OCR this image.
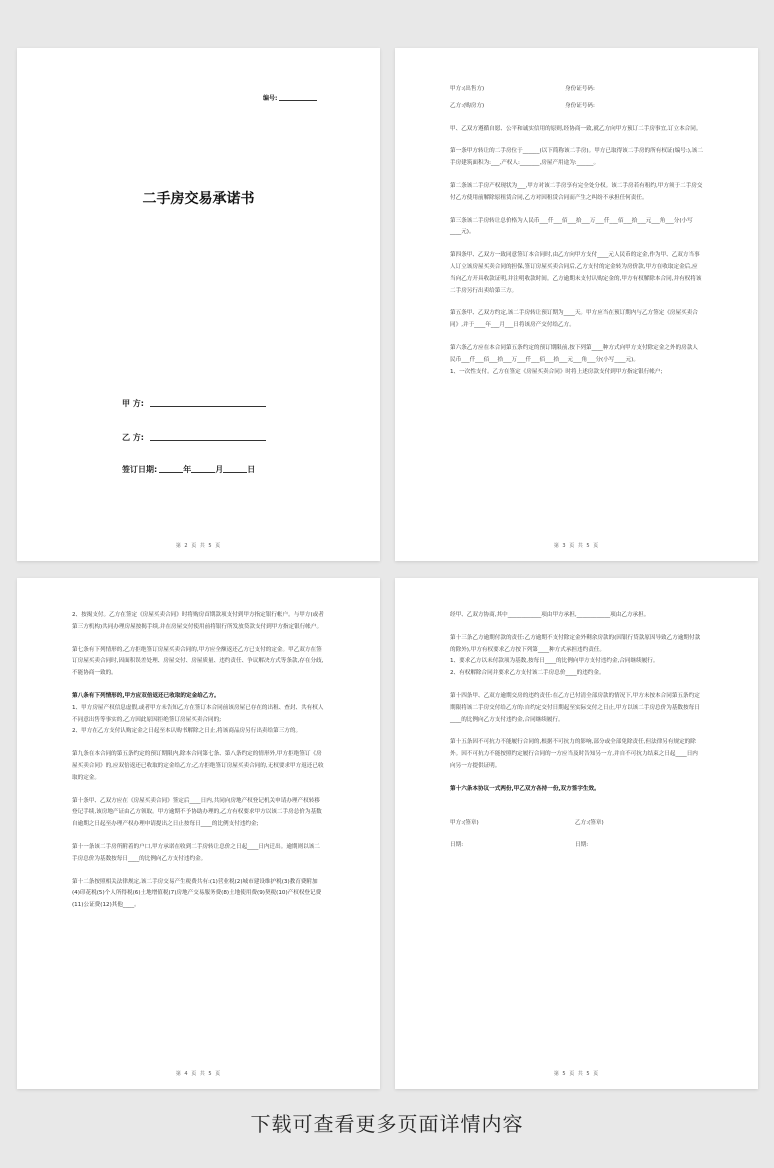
编号:
二手房交易承诺书
甲 方:
乙 方:
签订日期:	年	月	日
第 2 页 共 5 页
甲方:(出售方)	身份证号码:
乙方:(购房方)	身份证号码:

甲、乙双方遵循自愿、公平和诚实信用的原则,经协商一致,就乙方向甲方预订二手房事宜,订立本合同。

第一条甲方转让的二手房位于______(以下简称该二手房)。甲方已取得该二手房的所有权证(编号:),该二手房建筑面积为:___,产权人:_______,房屋产用途为:______。

第二条该二手房产权现状为___,甲方对该二手房享有完全处分权。该二手房若有租约,甲方须于二手房交付乙方使用前解除原租赁合同,乙方对因租赁合同而产生之纠纷不承担任何责任。

第三条该二手房转让总价格为人民币___仟___佰___拾___万___仟___佰___拾___元___角___分(小写____元)。

第四条甲、乙双方一致同意签订本合同时,由乙方向甲方支付____元人民币的定金,作为甲、乙双方当事人订立该房屋买卖合同的担保,签订房屋买卖合同后,乙方支付的定金转为房价款,甲方在收取定金后,应当向乙方开具收款证明,并注明收款时间。乙方逾期未支付认购定金的,甲方有权解除本合同,并有权将该二手房另行出卖给第三方。

第五条甲、乙双方约定,该二手房转让预订期为____天。甲方应当在预订期内与乙方签定《房屋买卖合同》,并于____年___月___日将该房产交付给乙方。

第六条乙方应在本合同第五条约定的预订期限前,按下列第____种方式向甲方支付除定金之外的房款人民币___仟___佰___拾___万___仟___佰___拾___元___角___分(小写____元)。

1、一次性支付。乙方在签定《房屋买卖合同》时将上述房款支付到甲方指定银行帐户;

第 3 页 共 5 页

2、按揭支付。乙方在签定《房屋买卖合同》时将购房首期款项支付到甲方指定银行帐户。与甲方(或者第三方机构)共同办理房屋按揭手续,并在房屋交付使用前将银行所发放贷款支付到甲方指定银行帐户。

第七条有下列情形的,乙方拒绝签订房屋买卖合同的,甲方应全额返还乙方已支付的定金。甲乙双方在签订房屋买卖合同时,因面积误差处理、房屋交付、房屋质量、违约责任、争议解决方式等条款,存在分歧,不能协商一致的。

第八条有下列情形的,甲方应双倍返还已收取的定金给乙方。

1、甲方房屋产权信息虚假,或者甲方未告知乙方在签订本合同前该房屋已存在的出租、查封、共有权人不同意出售等事实的,乙方因此原因拒绝签订房屋买卖合同的;

2、甲方在乙方支付认购定金之日起至本认购书解除之日止,将该商品房另行出卖给第三方的。

第九条在本合同的第五条约定的预订期限内,除本合同第七条、第八条约定的情形外,甲方拒绝签订《房屋买卖合同》的,应双倍返还已收取的定金给乙方;乙方拒绝签订房屋买卖合同的,无权要求甲方返还已收取的定金。

第十条甲、乙双方应在《房屋买卖合同》签定后____日内,共同向房地产权登记机关申请办理产权转移登记手续,该房地产证由乙方领取。甲方逾期不予协助办理的,乙方有权要求甲方以该二手房总价为基数自逾期之日起至办理产权办理申请提出之日止按每日____的比例支付违约金;

第十一条该二手房所附着的户口,甲方承诺在收到二手房转让总价之日起____日内迁出。逾期则以该二手房总价为基数按每日____的比例向乙方支付违约金。

第十二条按照相关法律规定,该二手房交易产生税费共有:(1)营业税(2)城市建设维护税(3)教育费附加(4)印花税(5)个人所得税(6)土地增值税(7)房地产交易服务费(8)土地使用费(9)契税(10)产权权登记费(11)公证费(12)其他____。

第 4 页 共 5 页

经甲、乙双方协商,其中____________项由甲方承担,____________项由乙方承担。

第十三条乙方逾期付款的责任:乙方逾期不支付除定金外剩余房款的(因银行贷款原因导致乙方逾期付款的除外),甲方有权要求乙方按下列第____种方式承担违约责任。

1、要求乙方以未付款项为基数,按每日____的比例向甲方支付违约金,合同继续履行。

2、有权解除合同并要求乙方支付该二手房总价____的违约金。

第十四条甲、乙双方逾期交房的违约责任:在乙方已付清全部房款的情况下,甲方未按本合同第五条约定期限将该二手房交付给乙方的:自约定交付日期起至实际交付之日止,甲方以该二手房总价为基数按每日____的比例向乙方支付违约金,合同继续履行。

第十五条因不可抗力不能履行合同的,根据不可抗力的影响,部分或全部免除责任,但法律另有规定的除外。因不可抗力不能按照约定履行合同的一方应当及时告知另一方,并自不可抗力结束之日起____日内向另一方提供证明。

第十六条本协议一式两份,甲乙双方各持一份,双方签字生效。

甲方:(签章)	乙方:(签章)
日期:	日期:
第 5 页 共 5 页
下载可查看更多页面详情内容
